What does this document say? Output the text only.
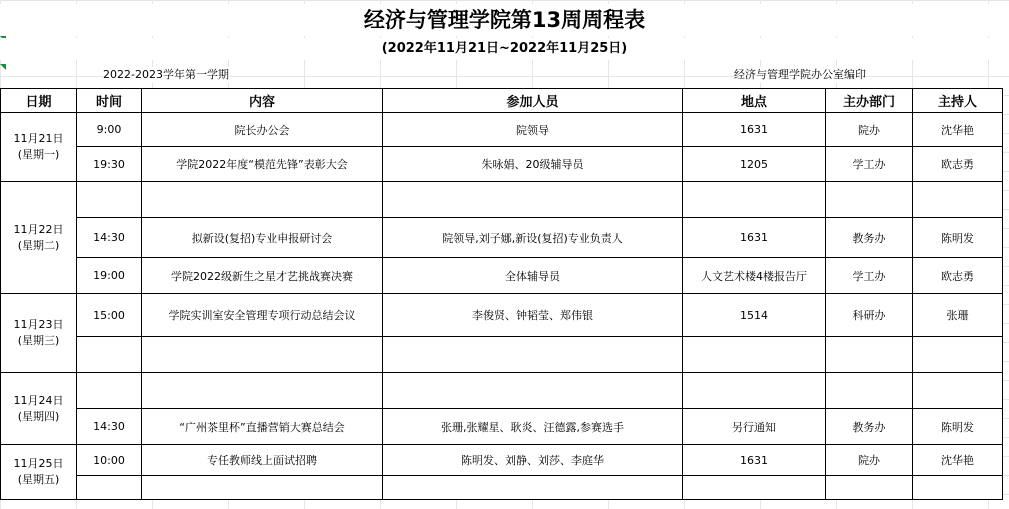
经济与管理学院第13周周程表
(2022年11月21日~2022年11月25日)
2022-2023学年第一学期	经济与管理学院办公室编印
日期	时间	内容	参加人员	地点	主办部门	主持人

11月21日
(星期一)	9:00	院长办公会	院领导	1631	院办	沈华艳
	19:30	学院2022年度“模范先锋”表彰大会	朱咏娟、20级辅导员	1205	学工办	欧志勇

11月22日
(星期二)						

	14:30	拟新设(复招)专业申报研讨会	院领导,刘子娜,新设(复招)专业负责人	1631	教务办	陈明发
	19:00	学院2022级新生之星才艺挑战赛决赛	全体辅导员	人文艺术楼4楼报告厅	学工办	欧志勇

11月23日
(星期三)	15:00	学院实训室安全管理专项行动总结会议	李俊贤、钟韬莹、郑伟银	1514	科研办	张珊

11月24日
(星期四)						

	14:30	“广州茶里杯”直播营销大赛总结会	张珊,张耀星、耿炎、汪德露,参赛选手	另行通知	教务办	陈明发

11月25日
(星期五)	10:00	专任教师线上面试招聘	陈明发、刘静、刘莎、李庭华	1631	院办	沈华艳
